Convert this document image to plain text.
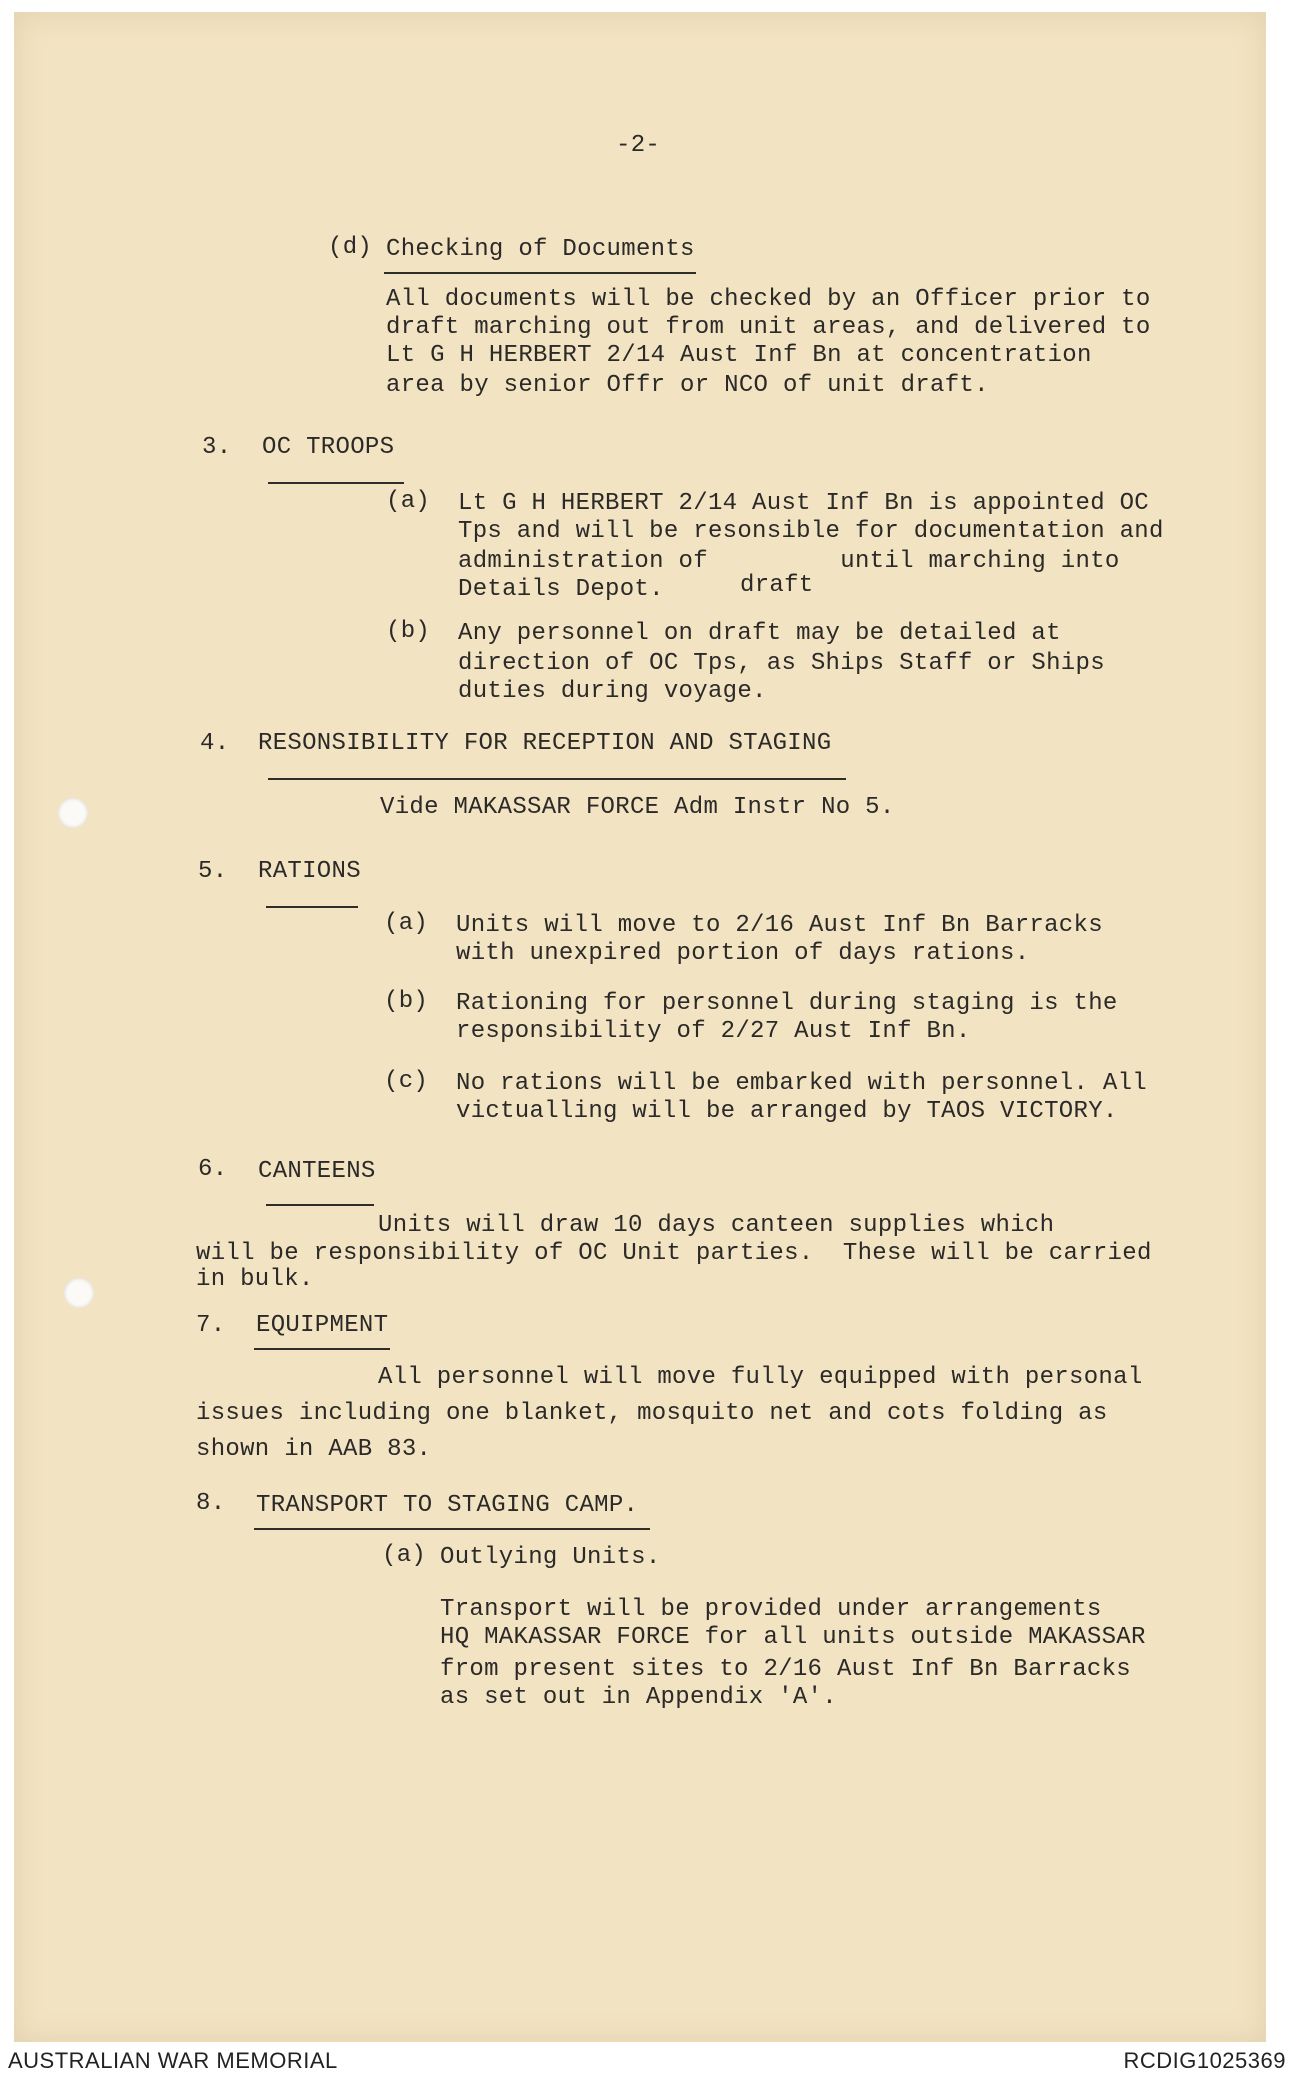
-2-
(d) Checking of Documents
All documents will be checked by an Officer prior to
draft marching out from unit areas, and delivered to
Lt G H HERBERT 2/14 Aust Inf Bn at concentration
area by senior Offr or NCO of unit draft.
3. OC TROOPS
(a) Lt G H HERBERT 2/14 Aust Inf Bn is appointed OC
Tps and will be resonsible for documentation and
administration of         until marching into
Details Depot.	draft
(b) Any personnel on draft may be detailed at
direction of OC Tps, as Ships Staff or Ships
duties during voyage.
4. RESONSIBILITY FOR RECEPTION AND STAGING
Vide MAKASSAR FORCE Adm Instr No 5.
5. RATIONS
(a) Units will move to 2/16 Aust Inf Bn Barracks
with unexpired portion of days rations.
(b) Rationing for personnel during staging is the
responsibility of 2/27 Aust Inf Bn.
(c) No rations will be embarked with personnel. All
victualling will be arranged by TAOS VICTORY.
6. CANTEENS
Units will draw 10 days canteen supplies which
will be responsibility of OC Unit parties.  These will be carried
in bulk.
7. EQUIPMENT
All personnel will move fully equipped with personal
issues including one blanket, mosquito net and cots folding as
shown in AAB 83.
8. TRANSPORT TO STAGING CAMP.
(a) Outlying Units.
Transport will be provided under arrangements
HQ MAKASSAR FORCE for all units outside MAKASSAR
from present sites to 2/16 Aust Inf Bn Barracks
as set out in Appendix 'A'.
AUSTRALIAN WAR MEMORIAL	RCDIG1025369
